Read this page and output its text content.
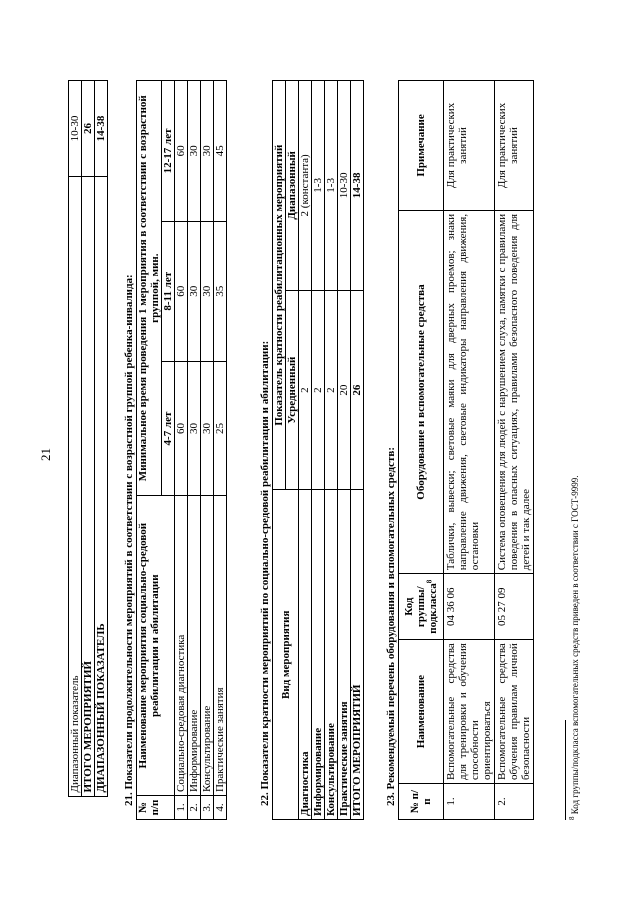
21
	Диапазонный показатель	10-30
	ИТОГО МЕРОПРИЯТИЙ	26
	ДИАПАЗОННЫЙ ПОКАЗАТЕЛЬ	14-38
21. Показатели продолжительности мероприятий в соответствии с возрастной группой ребенка-инвалида:
№ п/п	Наименование мероприятия социально-средовой реабилитации и абилитации	Минимальное время проведения 1 мероприятия в соответствии с возрастной группой, мин.		
		4-7 лет	8-11 лет	12-17 лет
1.	Социально-средовая диагностика	60	60	60
2.	Информирование	30	30	30
3.	Консультирование	30	30	30
4.	Практические занятия	25	35	45
22. Показатели кратности мероприятий по социально-средовой реабилитации и абилитации: Вид мероприятия	Показатель кратности реабилитационных мероприятий	
	Усредненный	Диапазонный
Диагностика	2	2 (константа)
Информирование	2	1-3
Консультирование	2	1-3
Практические занятия	20	10-30
ИТОГО МЕРОПРИЯТИЙ	26	14-38
23. Рекомендуемый перечень оборудования и вспомогательных средств: № п/п	Наименование	Код группы/подкласса$^8$	Оборудование и вспомогательные средства	Примечание
1.	Вспомогательные средства для тренировки и обучения способности ориентироваться	04 36 06	Таблички, вывески; световые маяки для дверных проемов; знаки направление движения, световые индикаторы направления движения, остановки	Для практических занятий
2.	Вспомогательные средства обучения правилам личной безопасности	05 27 09	Система оповещения для людей с нарушением слуха, памятки с правилами поведения в опасных ситуациях, правилами безопасного поведения для детей и так далее	Для практических занятий
$^8$ Код группы/подкласса вспомогательных средств приведен в соответствии с ГОСТ-9999.
